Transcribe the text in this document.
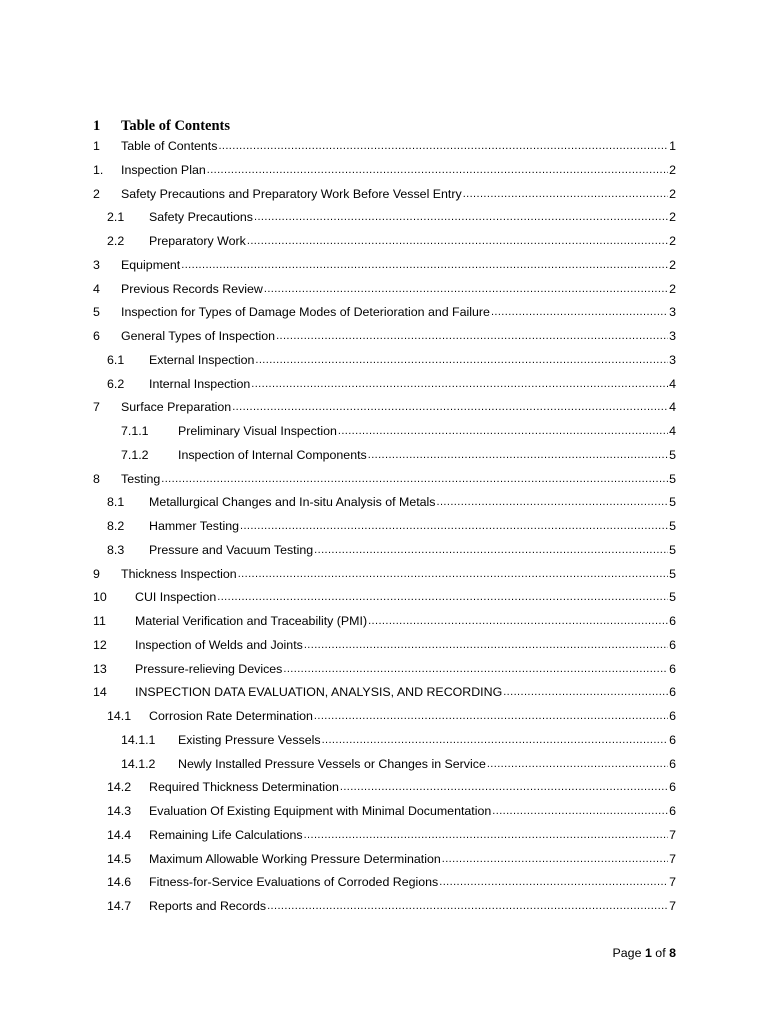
1	Table of Contents
1	Table of Contents .....	1
1.	Inspection Plan .....	2
2	Safety Precautions and Preparatory Work Before Vessel Entry .....	2
2.1	Safety Precautions .....	2
2.2	Preparatory Work .....	2
3	Equipment .....	2
4	Previous Records Review .....	2
5	Inspection for Types of Damage Modes of Deterioration and Failure .....	3
6	General Types of Inspection .....	3
6.1	External Inspection .....	3
6.2	Internal Inspection .....	4
7	Surface Preparation .....	4
7.1.1	Preliminary Visual Inspection .....	4
7.1.2	Inspection of Internal Components .....	5
8	Testing .....	5
8.1	Metallurgical Changes and In-situ Analysis of Metals .....	5
8.2	Hammer Testing .....	5
8.3	Pressure and Vacuum Testing .....	5
9	Thickness Inspection .....	5
10	CUI Inspection .....	5
11	Material Verification and Traceability (PMI) .....	6
12	Inspection of Welds and Joints .....	6
13	Pressure-relieving Devices .....	6
14	INSPECTION DATA EVALUATION, ANALYSIS, AND RECORDING .....	6
14.1	Corrosion Rate Determination .....	6
14.1.1	Existing Pressure Vessels .....	6
14.1.2	Newly Installed Pressure Vessels or Changes in Service .....	6
14.2	Required Thickness Determination .....	6
14.3	Evaluation Of Existing Equipment with Minimal Documentation .....	6
14.4	Remaining Life Calculations .....	7
14.5	Maximum Allowable Working Pressure Determination .....	7
14.6	Fitness-for-Service Evaluations of Corroded Regions .....	7
14.7	Reports and Records .....	7
Page 1 of 8
